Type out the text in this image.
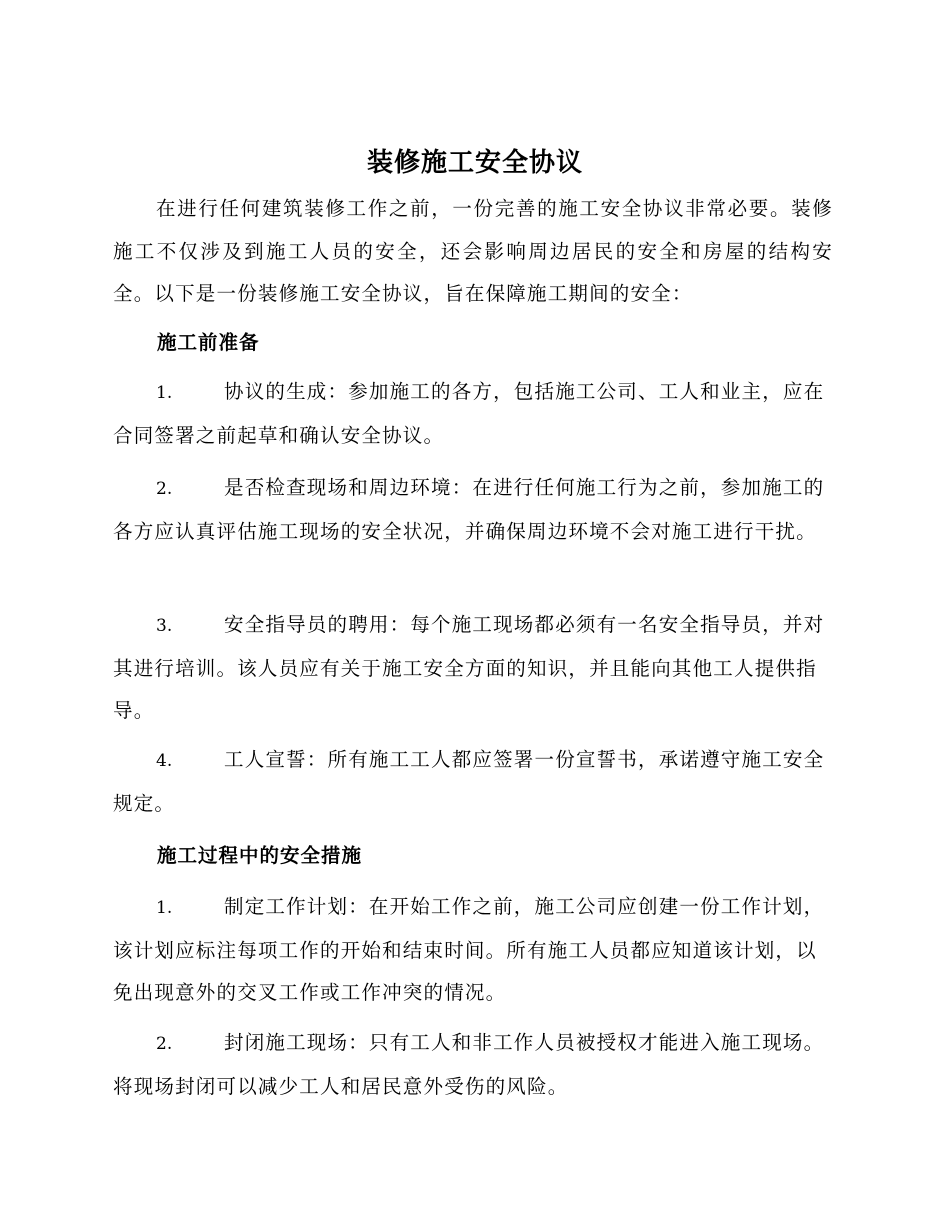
装修施工安全协议

在进行任何建筑装修工作之前，一份完善的施工安全协议非常必要。装修施工不仅涉及到施工人员的安全，还会影响周边居民的安全和房屋的结构安全。以下是一份装修施工安全协议，旨在保障施工期间的安全：

施工前准备

1.	协议的生成：参加施工的各方，包括施工公司、工人和业主，应在合同签署之前起草和确认安全协议。

2.	是否检查现场和周边环境：在进行任何施工行为之前，参加施工的各方应认真评估施工现场的安全状况，并确保周边环境不会对施工进行干扰。

3.	安全指导员的聘用：每个施工现场都必须有一名安全指导员，并对其进行培训。该人员应有关于施工安全方面的知识，并且能向其他工人提供指导。

4.	工人宣誓：所有施工工人都应签署一份宣誓书，承诺遵守施工安全规定。

施工过程中的安全措施

1.	制定工作计划：在开始工作之前，施工公司应创建一份工作计划，该计划应标注每项工作的开始和结束时间。所有施工人员都应知道该计划，以免出现意外的交叉工作或工作冲突的情况。

2.	封闭施工现场：只有工人和非工作人员被授权才能进入施工现场。将现场封闭可以减少工人和居民意外受伤的风险。
